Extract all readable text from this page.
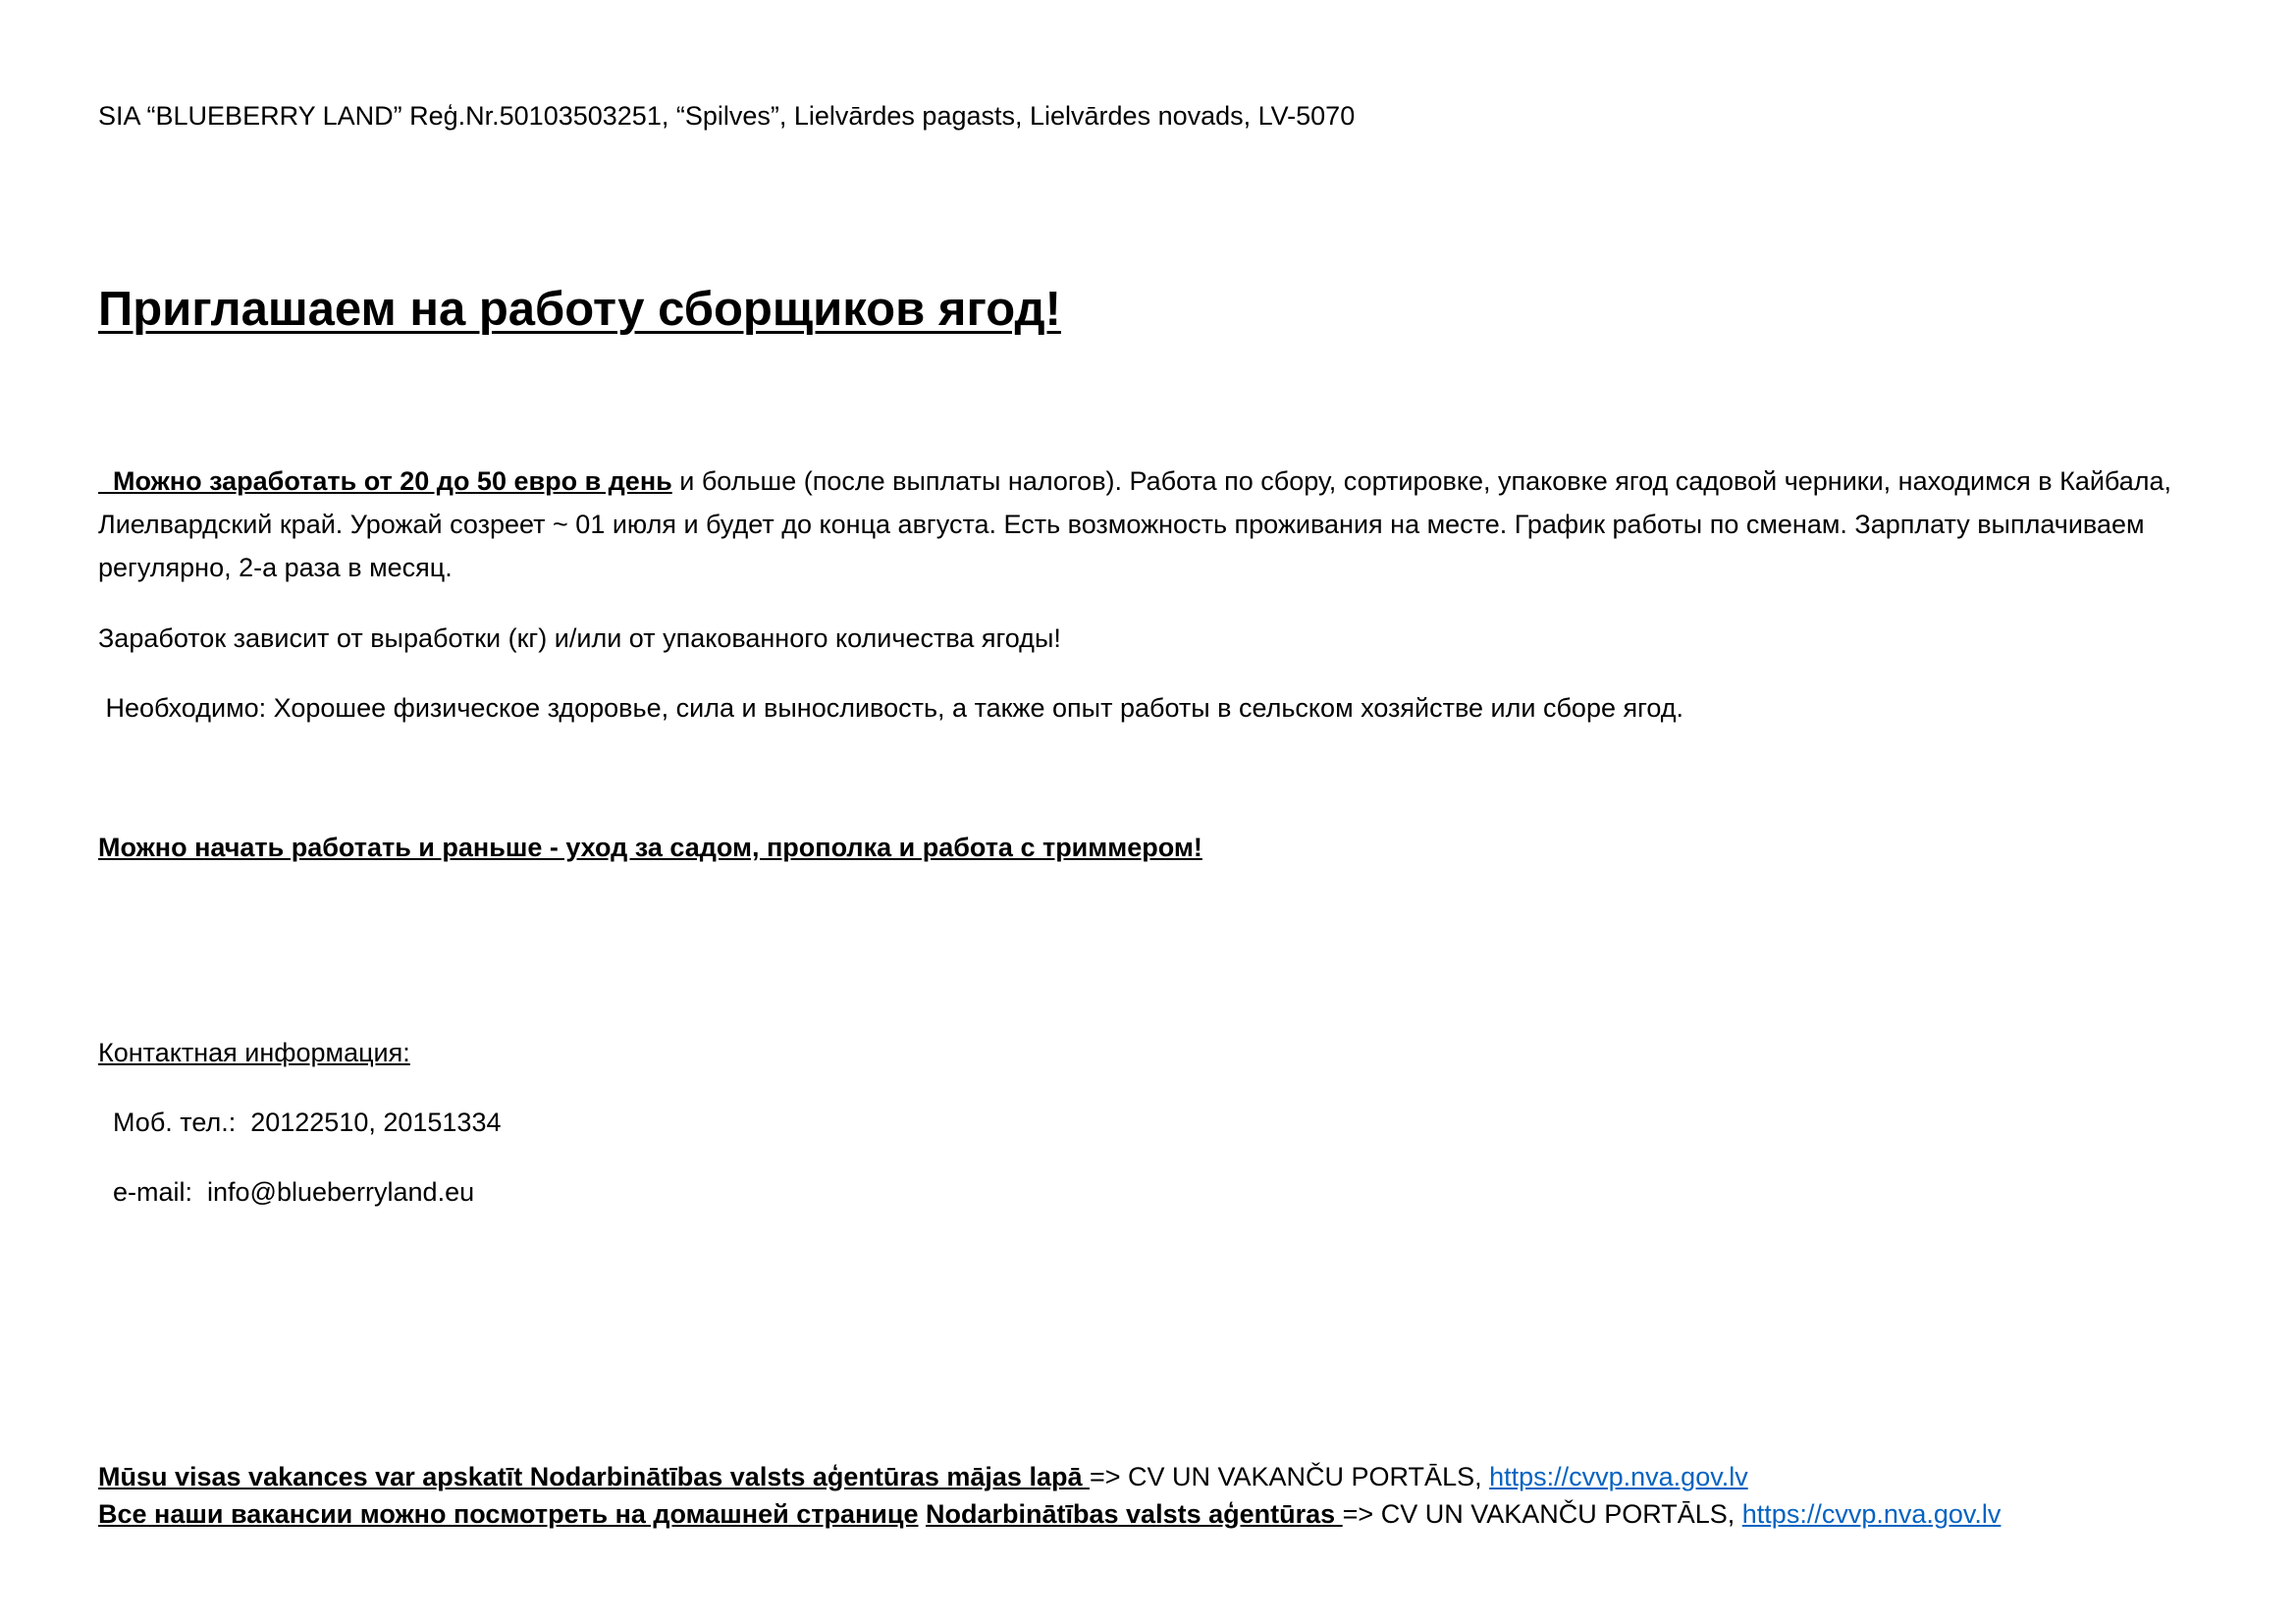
SIA “BLUEBERRY LAND” Reģ.Nr.50103503251, “Spilves”, Lielvārdes pagasts, Lielvārdes novads, LV-5070
Приглашаем на работу сборщиков ягод!

Можно заработать от 20 до 50 евро в день и больше (после выплаты налогов). Работа по сбору, сортировке, упаковке ягод садовой черники, находимся в Кайбала, Лиелвардский край. Урожай созреет ~ 01 июля и будет до конца августа. Есть возможность проживания на месте. График работы по сменам. Зарплату выплачиваем регулярно, 2-а раза в месяц.

Заработок зависит от выработки (кг) и/или от упакованного количества ягоды!

Необходимо: Хорошее физическое здоровье, сила и выносливость, а также опыт работы в сельском хозяйстве или сборе ягод.

Можно начать работать и раньше - уход за садом, прополка и работа с триммером!

Контактная информация:
Моб. тел.:  20122510, 20151334
e-mail:  info@blueberryland.eu
Mūsu visas vakances var apskatīt Nodarbinātības valsts aģentūras mājas lapā => CV UN VAKANČU PORTĀLS, https://cvvp.nva.gov.lv
Все наши вакансии можно посмотреть на домашней странице Nodarbinātības valsts aģentūras => CV UN VAKANČU PORTĀLS, https://cvvp.nva.gov.lv
